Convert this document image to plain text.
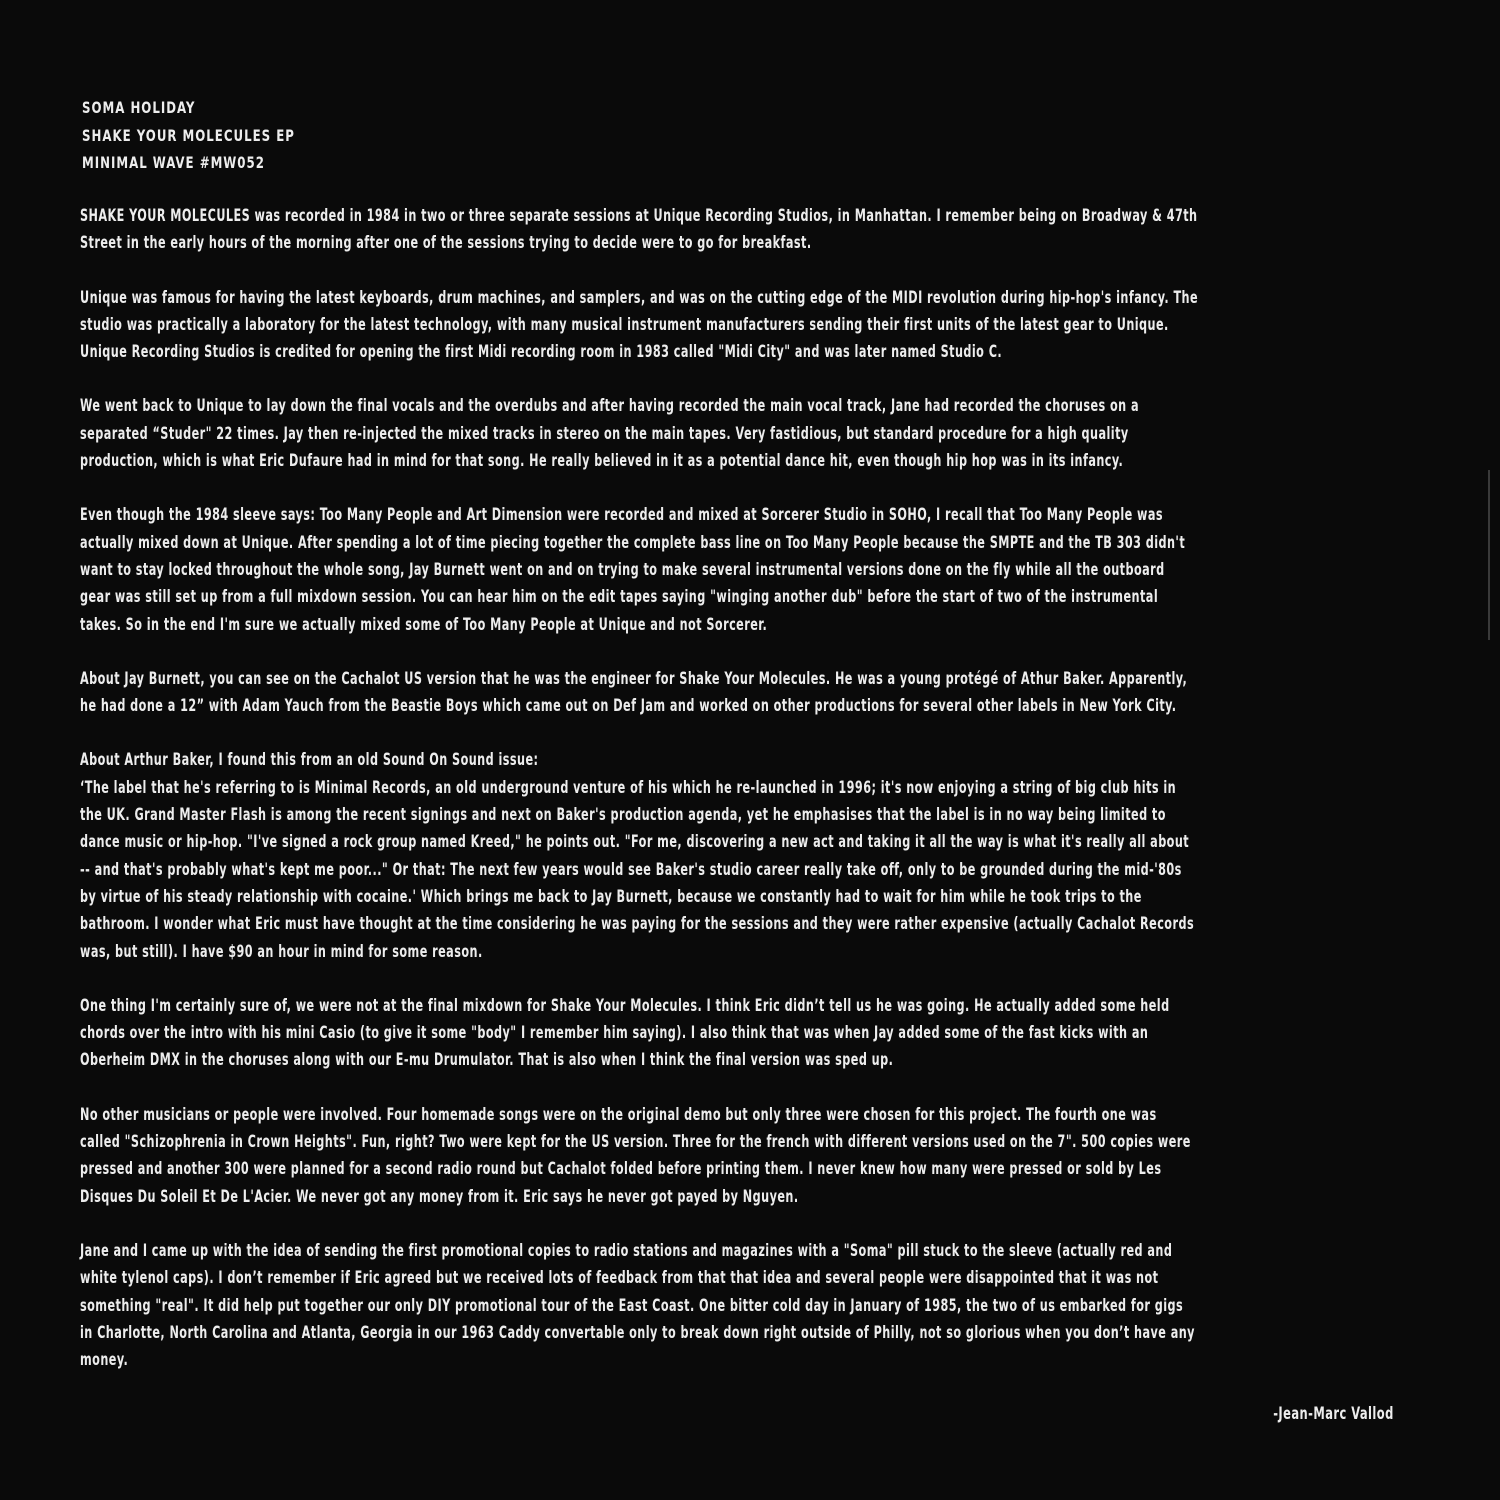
SOMA HOLIDAY
SHAKE YOUR MOLECULES EP
MINIMAL WAVE #MW052
SHAKE YOUR MOLECULES was recorded in 1984 in two or three separate sessions at Unique Recording Studios, in Manhattan. I remember being on Broadway & 47th
Street in the early hours of the morning after one of the sessions trying to decide were to go for breakfast.
Unique was famous for having the latest keyboards, drum machines, and samplers, and was on the cutting edge of the MIDI revolution during hip-hop's infancy. The
studio was practically a laboratory for the latest technology, with many musical instrument manufacturers sending their first units of the latest gear to Unique.
Unique Recording Studios is credited for opening the first Midi recording room in 1983 called "Midi City" and was later named Studio C.
We went back to Unique to lay down the final vocals and the overdubs and after having recorded the main vocal track, Jane had recorded the choruses on a
separated “Studer" 22 times. Jay then re-injected the mixed tracks in stereo on the main tapes. Very fastidious, but standard procedure for a high quality
production, which is what Eric Dufaure had in mind for that song. He really believed in it as a potential dance hit, even though hip hop was in its infancy.
Even though the 1984 sleeve says: Too Many People and Art Dimension were recorded and mixed at Sorcerer Studio in SOHO, I recall that Too Many People was
actually mixed down at Unique. After spending a lot of time piecing together the complete bass line on Too Many People because the SMPTE and the TB 303 didn't
want to stay locked throughout the whole song, Jay Burnett went on and on trying to make several instrumental versions done on the fly while all the outboard
gear was still set up from a full mixdown session. You can hear him on the edit tapes saying "winging another dub" before the start of two of the instrumental
takes. So in the end I'm sure we actually mixed some of Too Many People at Unique and not Sorcerer.
About Jay Burnett, you can see on the Cachalot US version that he was the engineer for Shake Your Molecules. He was a young protégé of Athur Baker. Apparently,
he had done a 12” with Adam Yauch from the Beastie Boys which came out on Def Jam and worked on other productions for several other labels in New York City.
About Arthur Baker, I found this from an old Sound On Sound issue:
‘The label that he's referring to is Minimal Records, an old underground venture of his which he re-launched in 1996; it's now enjoying a string of big club hits in
the UK. Grand Master Flash is among the recent signings and next on Baker's production agenda, yet he emphasises that the label is in no way being limited to
dance music or hip-hop. "I've signed a rock group named Kreed," he points out. "For me, discovering a new act and taking it all the way is what it's really all about
-- and that's probably what's kept me poor..." Or that: The next few years would see Baker's studio career really take off, only to be grounded during the mid-'80s
by virtue of his steady relationship with cocaine.' Which brings me back to Jay Burnett, because we constantly had to wait for him while he took trips to the
bathroom. I wonder what Eric must have thought at the time considering he was paying for the sessions and they were rather expensive (actually Cachalot Records
was, but still). I have $90 an hour in mind for some reason.
One thing I'm certainly sure of, we were not at the final mixdown for Shake Your Molecules. I think Eric didn’t tell us he was going. He actually added some held
chords over the intro with his mini Casio (to give it some "body" I remember him saying). I also think that was when Jay added some of the fast kicks with an
Oberheim DMX in the choruses along with our E-mu Drumulator. That is also when I think the final version was sped up.
No other musicians or people were involved. Four homemade songs were on the original demo but only three were chosen for this project. The fourth one was
called "Schizophrenia in Crown Heights". Fun, right? Two were kept for the US version. Three for the french with different versions used on the 7". 500 copies were
pressed and another 300 were planned for a second radio round but Cachalot folded before printing them. I never knew how many were pressed or sold by Les
Disques Du Soleil Et De L'Acier. We never got any money from it. Eric says he never got payed by Nguyen.
Jane and I came up with the idea of sending the first promotional copies to radio stations and magazines with a "Soma" pill stuck to the sleeve (actually red and
white tylenol caps). I don’t remember if Eric agreed but we received lots of feedback from that that idea and several people were disappointed that it was not
something "real". It did help put together our only DIY promotional tour of the East Coast. One bitter cold day in January of 1985, the two of us embarked for gigs
in Charlotte, North Carolina and Atlanta, Georgia in our 1963 Caddy convertable only to break down right outside of Philly, not so glorious when you don’t have any
money.
-Jean-Marc Vallod
